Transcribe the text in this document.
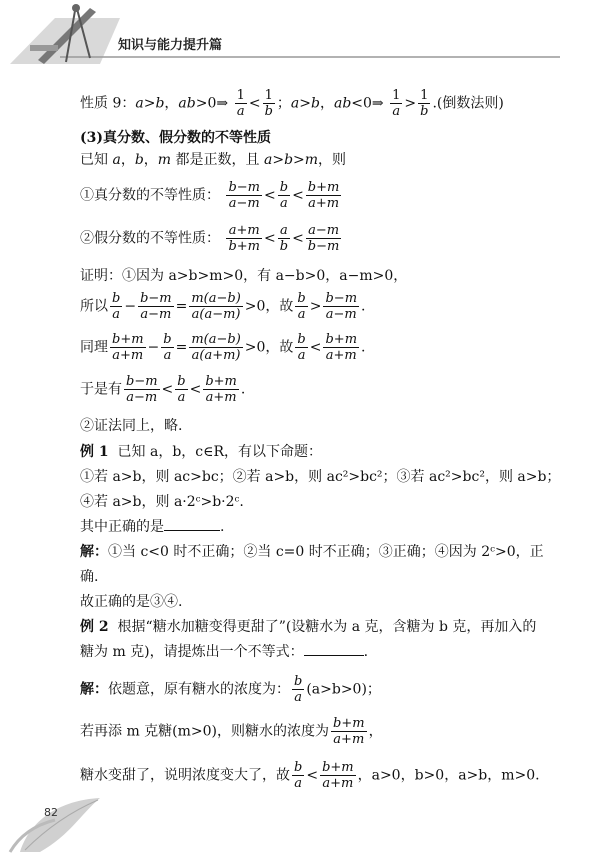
知识与能力提升篇
性质 9：a>b，ab>0⇒ $\frac{1}{a} < \frac{1}{b}$ ；a>b，ab<0⇒ $\frac{1}{a} > \frac{1}{b}$ .(倒数法则)
(3)真分数、假分数的不等性质
已知 a，b，m 都是正数，且 a>b>m，则
①真分数的不等性质： $\frac{b-m}{a-m} < \frac{b}{a} < \frac{b+m}{a+m}$
②假分数的不等性质： $\frac{a+m}{b+m} < \frac{a}{b} < \frac{a-m}{b-m}$
证明：①因为 a>b>m>0，有 a−b>0，a−m>0，
所以 $\frac{b}{a} - \frac{b-m}{a-m} = \frac{m(a-b)}{a(a-m)} >0$，故 $\frac{b}{a} > \frac{b-m}{a-m}$ .
同理 $\frac{b+m}{a+m} - \frac{b}{a} = \frac{m(a-b)}{a(a+m)} >0$，故 $\frac{b}{a} < \frac{b+m}{a+m}$ .
于是有 $\frac{b-m}{a-m} < \frac{b}{a} < \frac{b+m}{a+m}$ .
②证法同上，略.
例 1 已知 a，b，c∈R，有以下命题：
①若 a>b，则 ac>bc；②若 a>b，则 ac²>bc²；③若 ac²>bc²，则 a>b；
④若 a>b，则 a·2ᶜ>b·2ᶜ.
其中正确的是	.
解：①当 c<0 时不正确；②当 c=0 时不正确；③正确；④因为 2ᶜ>0，正
确.
故正确的是③④.
例 2 根据“糖水加糖变得更甜了”(设糖水为 a 克，含糖为 b 克，再加入的
糖为 m 克)，请提炼出一个不等式：	.
解：依题意，原有糖水的浓度为： $\frac{b}{a} (a>b>0)$；
若再添 m 克糖(m>0)，则糖水的浓度为 $\frac{b+m}{a+m}$ ，
糖水变甜了，说明浓度变大了，故 $\frac{b}{a} < \frac{b+m}{a+m}$ ，a>0，b>0，a>b，m>0.
82
